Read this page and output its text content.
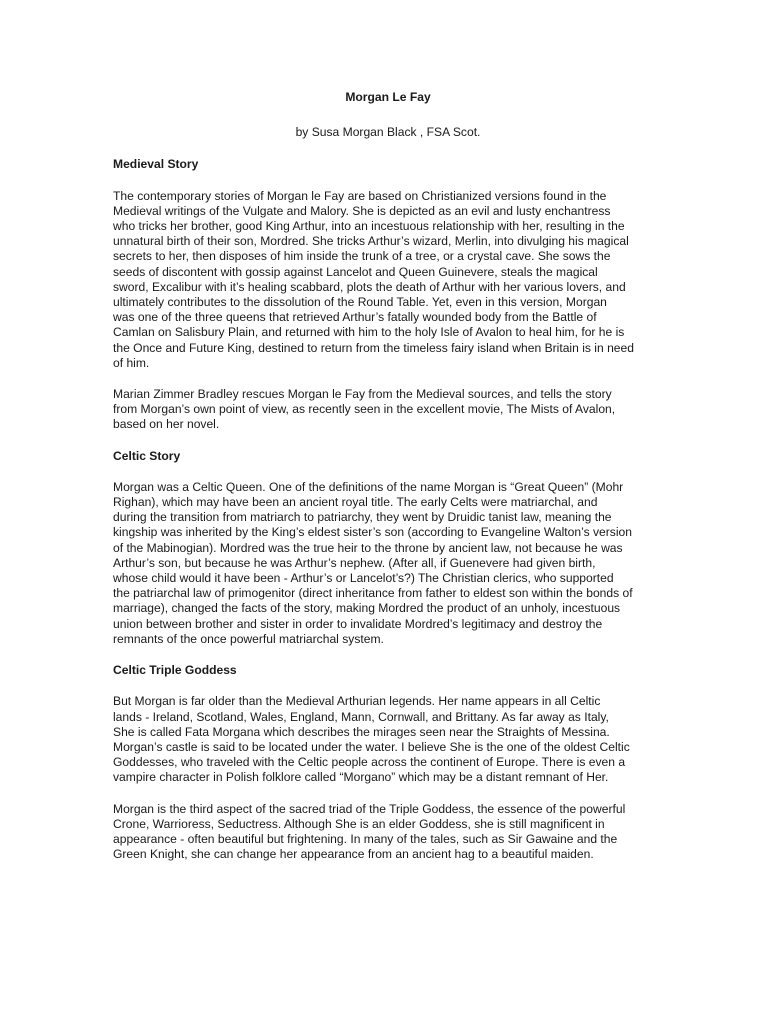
Morgan Le Fay
by Susa Morgan Black , FSA Scot.
Medieval Story
The contemporary stories of Morgan le Fay are based on Christianized versions found in the
Medieval writings of the Vulgate and Malory. She is depicted as an evil and lusty enchantress
who tricks her brother, good King Arthur, into an incestuous relationship with her, resulting in the
unnatural birth of their son, Mordred. She tricks Arthur’s wizard, Merlin, into divulging his magical
secrets to her, then disposes of him inside the trunk of a tree, or a crystal cave. She sows the
seeds of discontent with gossip against Lancelot and Queen Guinevere, steals the magical
sword, Excalibur with it’s healing scabbard, plots the death of Arthur with her various lovers, and
ultimately contributes to the dissolution of the Round Table. Yet, even in this version, Morgan
was one of the three queens that retrieved Arthur’s fatally wounded body from the Battle of
Camlan on Salisbury Plain, and returned with him to the holy Isle of Avalon to heal him, for he is
the Once and Future King, destined to return from the timeless fairy island when Britain is in need
of him.
Marian Zimmer Bradley rescues Morgan le Fay from the Medieval sources, and tells the story
from Morgan’s own point of view, as recently seen in the excellent movie, The Mists of Avalon,
based on her novel.
Celtic Story
Morgan was a Celtic Queen. One of the definitions of the name Morgan is “Great Queen” (Mohr
Righan), which may have been an ancient royal title. The early Celts were matriarchal, and
during the transition from matriarch to patriarchy, they went by Druidic tanist law, meaning the
kingship was inherited by the King’s eldest sister’s son (according to Evangeline Walton’s version
of the Mabinogian). Mordred was the true heir to the throne by ancient law, not because he was
Arthur’s son, but because he was Arthur’s nephew. (After all, if Guenevere had given birth,
whose child would it have been - Arthur’s or Lancelot’s?) The Christian clerics, who supported
the patriarchal law of primogenitor (direct inheritance from father to eldest son within the bonds of
marriage), changed the facts of the story, making Mordred the product of an unholy, incestuous
union between brother and sister in order to invalidate Mordred’s legitimacy and destroy the
remnants of the once powerful matriarchal system.
Celtic Triple Goddess
But Morgan is far older than the Medieval Arthurian legends. Her name appears in all Celtic
lands - Ireland, Scotland, Wales, England, Mann, Cornwall, and Brittany. As far away as Italy,
She is called Fata Morgana which describes the mirages seen near the Straights of Messina.
Morgan’s castle is said to be located under the water. I believe She is the one of the oldest Celtic
Goddesses, who traveled with the Celtic people across the continent of Europe. There is even a
vampire character in Polish folklore called “Morgano” which may be a distant remnant of Her.
Morgan is the third aspect of the sacred triad of the Triple Goddess, the essence of the powerful
Crone, Warrioress, Seductress. Although She is an elder Goddess, she is still magnificent in
appearance - often beautiful but frightening. In many of the tales, such as Sir Gawaine and the
Green Knight, she can change her appearance from an ancient hag to a beautiful maiden.
